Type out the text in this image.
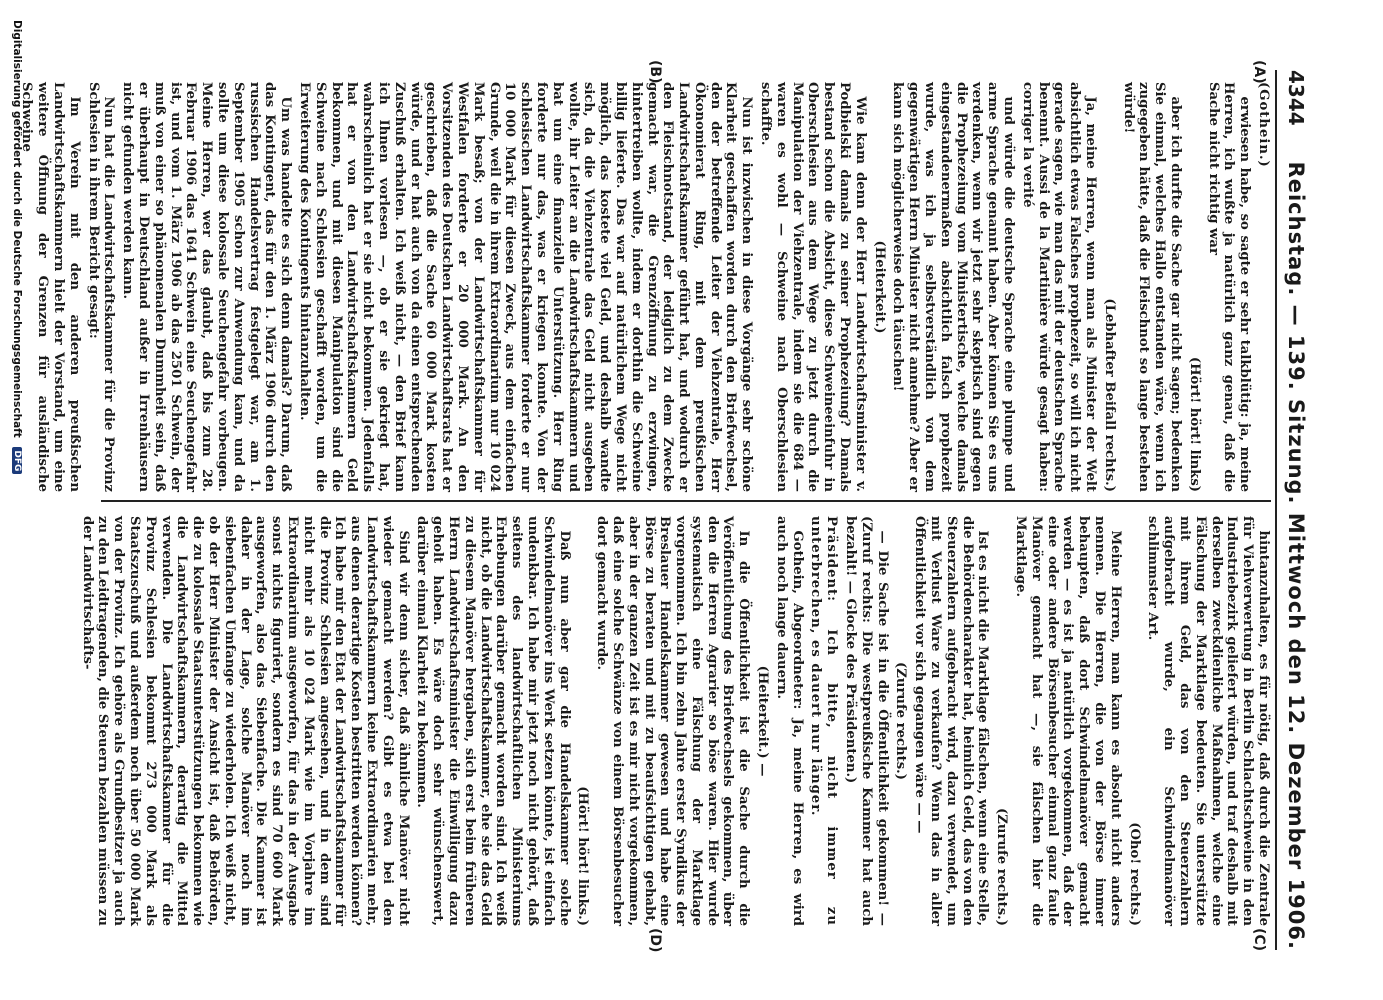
4344
Reichstag. — 139. Sitzung. Mittwoch den 12. Dezember 1906.
(A)
(B)
(C)
(D)

(Gothein.)

erwiesen habe, so sagte er sehr talkblütig: ja, meine Herren, ich wußte ja natürlich ganz genau, daß die Sache nicht richtig war

(Hört! hört! links)

aber ich durfte die Sache gar nicht sagen; bedenken Sie einmal, welches Hallo entstanden wäre, wenn ich zugegeben hätte, daß die Fleischnot so lange bestehen würde!

(Lebhafter Beifall rechts.)

Ja, meine Herren, wenn man als Minister der Welt absichtlich etwas Falsches prophezeit, so will ich nicht gerade sagen, wie man das mit der deutschen Sprache benennt. Aussi de la Martinière würde gesagt haben: corriger la verité

und würde die deutsche Sprache eine plumpe und arme Sprache genannt haben. Aber können Sie es uns verdenken, wenn wir jetzt sehr skeptisch sind gegen die Prophezeiung vom Ministertische, welche damals eingestandenermaßen absichtlich falsch prophezeit wurde, was ich ja selbstverständlich von dem gegenwärtigen Herrn Minister nicht annehme? Aber er kann sich möglicherweise doch täuschen!

(Heiterkeit.)

Wie kam denn der Herr Landwirtschaftsminister v. Podbielski damals zu seiner Prophezeiung? Damals bestand schon die Absicht, diese Schweineeinfuhr in Oberschlesien aus dem Wege zu jetzt durch die Manipulation der Viehzentrale, indem sie die 684 — waren es wohl — Schweine nach Oberschlesien schaffte.

Nun ist inzwischen in diese Vorgänge sehr schöne Klarheit geschaffen worden durch den Briefwechsel, den der betreffende Leiter der Viehzentrale, Herr Ökonomierat Ring, mit dem preußischen Landwirtschaftskammer geführt hat, und wodurch er den Fleischnotstand, der lediglich zu dem Zwecke gemacht war, die Grenzöffnung zu erzwingen, hintertreiben wollte, indem er dorthin die Schweine billig lieferte. Das war auf natürlichem Wege nicht möglich, das kostete viel Geld, und deshalb wandte sich, da die Viehzentrale das Geld nicht ausgeben wollte, ihr Leiter an die Landwirtschaftskammern und bat um eine finanzielle Unterstützung. Herr Ring forderte nur das, was er kriegen konnte. Von der schlesischen Landwirtschaftskammer forderte er nur 10 000 Mark für diesen Zweck, aus dem einfachen Grunde, weil die in ihrem Extraordinarium nur 10 024 Mark besaß; von der Landwirtschaftskammer für Westfalen forderte er 20 000 Mark. An den Vorsitzenden des Deutschen Landwirtschaftsrats hat er geschrieben, daß die Sache 60 000 Mark kosten würde, und er hat auch von da einen entsprechenden Zuschuß erhalten. Ich weiß nicht, — den Brief kann ich Ihnen vorlesen —, ob er sie gekriegt hat, wahrscheinlich hat er sie nicht bekommen. Jedenfalls hat er von den Landwirtschaftskammern Geld bekommen, und mit diesen Manipulation sind die Schweine nach Schlesien geschafft worden, um die Erweiterung des Kontingents hintanzuhalten.

Um was handelte es sich denn damals? Darum, daß das Kontingent, das für den 1. März 1906 durch den russischen Handelsvertrag festgelegt war, am 1. September 1905 schon zur Anwendung kam, und da sollte um diese kolossale Seuchengefahr vorbeugen. Meine Herren, wer das glaubt, daß bis zum 28. Februar 1906 das 1641 Schwein eine Seuchengefahr ist, und vom 1. März 1906 ab das 2501 Schwein, der muß von einer so phänomenalen Dummheit sein, daß er überhaupt in Deutschland außer in Irrenhäusern nicht gefunden werden kann.

Nun hat die Landwirtschaftskammer für die Provinz Schlesien in ihrem Bericht gesagt:

Im Verein mit den anderen preußischen Landwirtschaftskammern hielt der Vorstand, um eine weitere Öffnung der Grenzen für ausländische Schweine

hintanzuhalten, es für nötig, daß durch die Zentrale für Viehverwertung in Berlin Schlachtschweine in den Industriebezirk geliefert würden, und traf deshalb mit derselben zweckdienliche Maßnahmen, welche eine Fälschung der Marktlage bedeuten. Sie unterstützte mit ihrem Geld, das von den Steuerzahlern aufgebracht wurde, ein Schwindelmanöver schlimmster Art.

(Oho! rechts.)

Meine Herren, man kann es absolut nicht anders nennen. Die Herren, die von der Börse immer behaupten, daß dort Schwindelmanöver gemacht werden — es ist ja natürlich vorgekommen, daß der eine oder andere Börsenbesucher einmal ganz faule Manöver gemacht hat —, sie fälschen hier die Marktlage.

(Zurufe rechts.)

Ist es nicht die Marktlage fälschen, wenn eine Stelle, die Behördencharakter hat, heimlich Geld, das von den Steuerzahlern aufgebracht wird, dazu verwendet, um mit Verlust Ware zu verkaufen? Wenn das in aller Öffentlichkeit vor sich gegangen wäre — —

(Zurufe rechts.)

— Die Sache ist in die Öffentlichkeit gekommen! — (Zuruf rechts: Die westpreußische Kammer hat auch bezahlt! — Glocke des Präsidenten.)

Präsident: Ich bitte, nicht immer zu unterbrechen, es dauert nur länger.

Gothein, Abgeordneter: Ja, meine Herren, es wird auch noch lange dauern.

(Heiterkeit.) —

In die Öffentlichkeit ist die Sache durch die Veröffentlichung des Briefwechsels gekommen, über den die Herren Agrarier so böse waren. Hier wurde systematisch eine Fälschung der Marktlage vorgenommen. Ich bin zehn Jahre erster Syndikus der Breslauer Handelskammer gewesen und habe eine Börse zu beraten und mit zu beaufsichtigen gehabt, aber in der ganzen Zeit ist es mir nicht vorgekommen, daß eine solche Schwänze von einem Börsenbesucher dort gemacht wurde.

(Hört! hört! links.)

Daß nun aber gar die Handelskammer solche Schwindelmanöver ins Werk setzen könnte, ist einfach undenkbar. Ich habe mir jetzt noch nicht gehört, daß seitens des landwirtschaftlichen Ministeriums Erhebungen darüber gemacht worden sind. Ich weiß nicht, ob die Landwirtschaftskammer, ehe sie das Geld zu diesem Manöver hergaben, sich erst beim früheren Herrn Landwirtschaftsminister die Einwilligung dazu geholt haben. Es wäre doch sehr wünschenswert, darüber einmal Klarheit zu bekommen.

Sind wir denn sicher, daß ähnliche Manöver nicht wieder gemacht werden? Gibt es etwa bei den Landwirtschaftskammern keine Extraordinarien mehr, aus denen derartige Kosten bestritten werden können? Ich habe mir den Etat der Landwirtschaftskammer für die Provinz Schlesien angesehen, und in dem sind nicht mehr als 10 024 Mark wie im Vorjahre im Extraordinarium ausgeworfen, für das in der Ausgabe sonst nichts figuriert, sondern es sind 70 600 Mark ausgeworfen, also das Siebenfache. Die Kammer ist daher in der Lage, solche Manöver noch im siebenfachen Umfange zu wiederholen. Ich weiß nicht, ob der Herr Minister der Ansicht ist, daß Behörden, die zu kolossale Staatsunterstützungen bekommen wie die Landwirtschaftskammern, derartig die Mittel verwenden. Die Landwirtschaftskammer für die Provinz Schlesien bekommt 273 000 Mark als Staatszuschuß und außerdem noch über 50 000 Mark von der Provinz. Ich gehöre als Grundbesitzer ja auch zu den Leidtragenden, die Steuern bezahlen müssen zu der Landwirtschafts-

Digitalisierung gefördert durch die Deutsche Forschungsgemeinschaft DFG
